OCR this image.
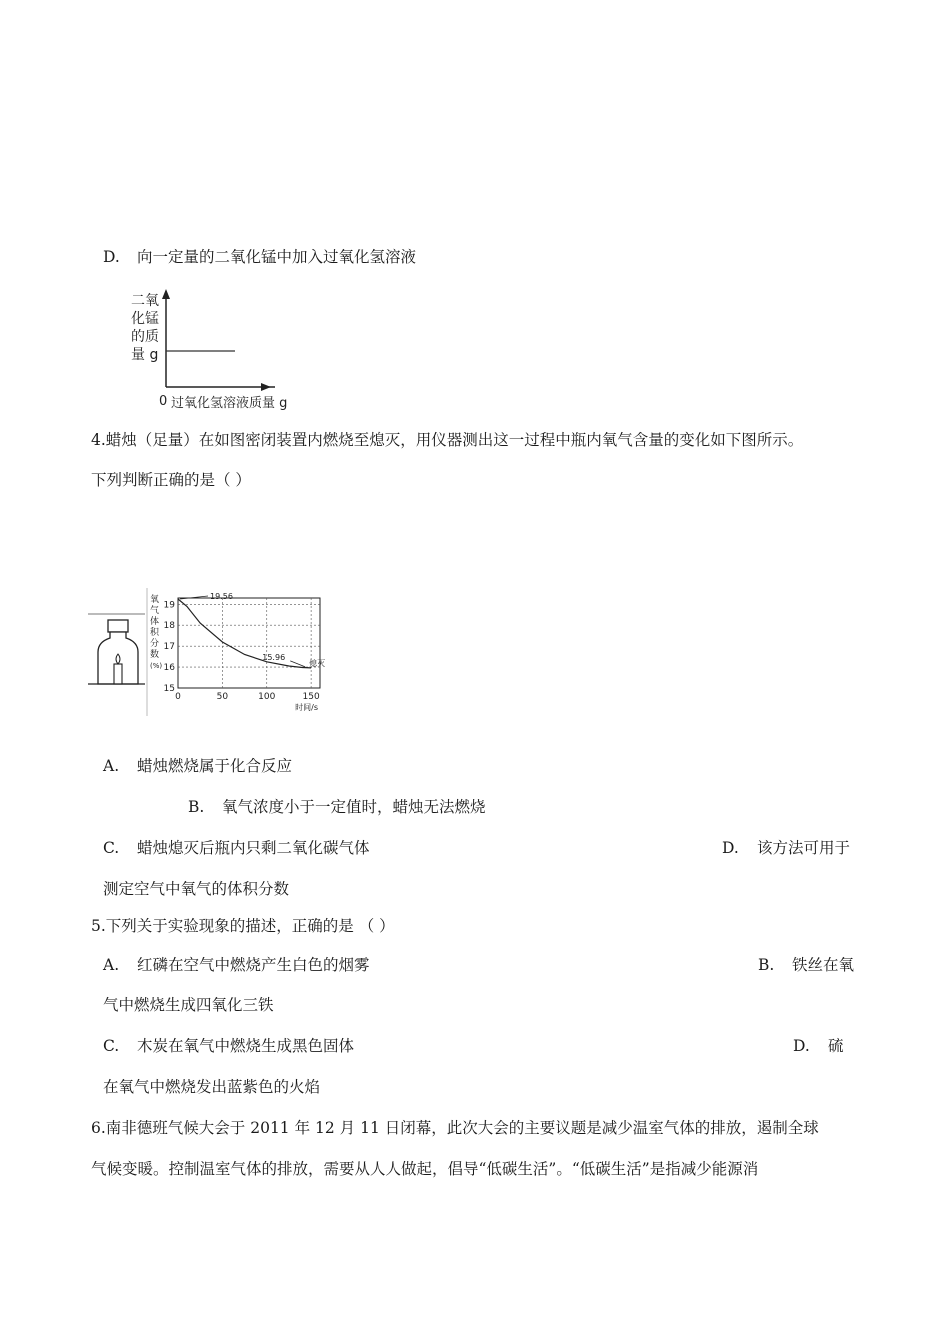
D. 向一定量的二氧化锰中加入过氧化氢溶液
二氧
化锰
的质
量 g
0 过氧化氢溶液质量 g
4.蜡烛（足量）在如图密闭装置内燃烧至熄灭，用仪器测出这一过程中瓶内氧气含量的变化如下图所示。
下列判断正确的是（ ）
氧
气
体
积
分
数
(%)
15
16
17
18
19
0	50	100	150
19.56
15.96
熄灭
时间/s
A. 蜡烛燃烧属于化合反应
B. 氧气浓度小于一定值时，蜡烛无法燃烧
C. 蜡烛熄灭后瓶内只剩二氧化碳气体	D. 该方法可用于
测定空气中氧气的体积分数
5.下列关于实验现象的描述，正确的是 （ ）
A. 红磷在空气中燃烧产生白色的烟雾	B. 铁丝在氧
气中燃烧生成四氧化三铁
C. 木炭在氧气中燃烧生成黑色固体	D. 硫
在氧气中燃烧发出蓝紫色的火焰
6.南非德班气候大会于 2011 年 12 月 11 日闭幕，此次大会的主要议题是减少温室气体的排放，遏制全球
气候变暖。控制温室气体的排放，需要从人人做起，倡导“低碳生活”。“低碳生活”是指减少能源消
